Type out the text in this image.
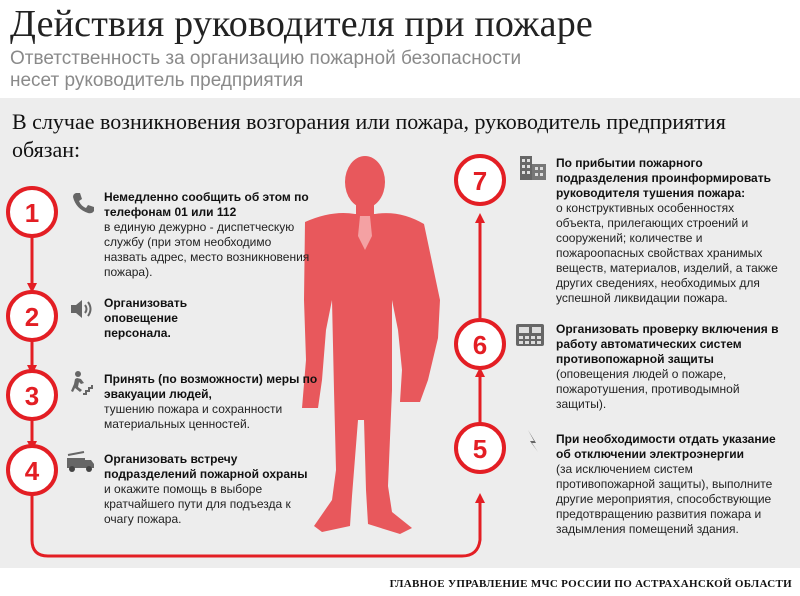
Действия руководителя при пожаре
Ответственность за организацию пожарной безопасности несет руководитель предприятия
В случае возникновения возгорания или пожара, руководитель предприятия обязан:
1
2
3
4
5
6
7
Немедленно сообщить об этом по телефонам 01 или 112
в единую дежурно - диспетческую службу (при этом необходимо назвать адрес, место возникновения пожара).
Организовать оповещение персонала.
Принять (по возможности) меры по эвакуации людей,
тушению пожара и сохранности материальных ценностей.
Организовать встречу подразделений пожарной охраны
и окажите помощь в выборе кратчайшего пути для подъезда к очагу пожара.
По прибытии пожарного подразделения проинформировать руководителя тушения пожара:
о конструктивных особенностях объекта, прилегающих строений и сооружений; количестве и пожароопасных свойствах хранимых веществ, материалов, изделий, а также других сведениях, необходимых для успешной ликвидации пожара.
Организовать проверку включения в работу автоматических систем противопожарной защиты
(оповещения людей о пожаре, пожаротушения, противодымной защиты).
При необходимости отдать указание об отключении электроэнергии
(за исключением систем противопожарной защиты), выполните другие мероприятия, способствующие предотвращению развития пожара и задымления помещений здания.
ГЛАВНОЕ УПРАВЛЕНИЕ МЧС РОССИИ ПО АСТРАХАНСКОЙ ОБЛАСТИ
